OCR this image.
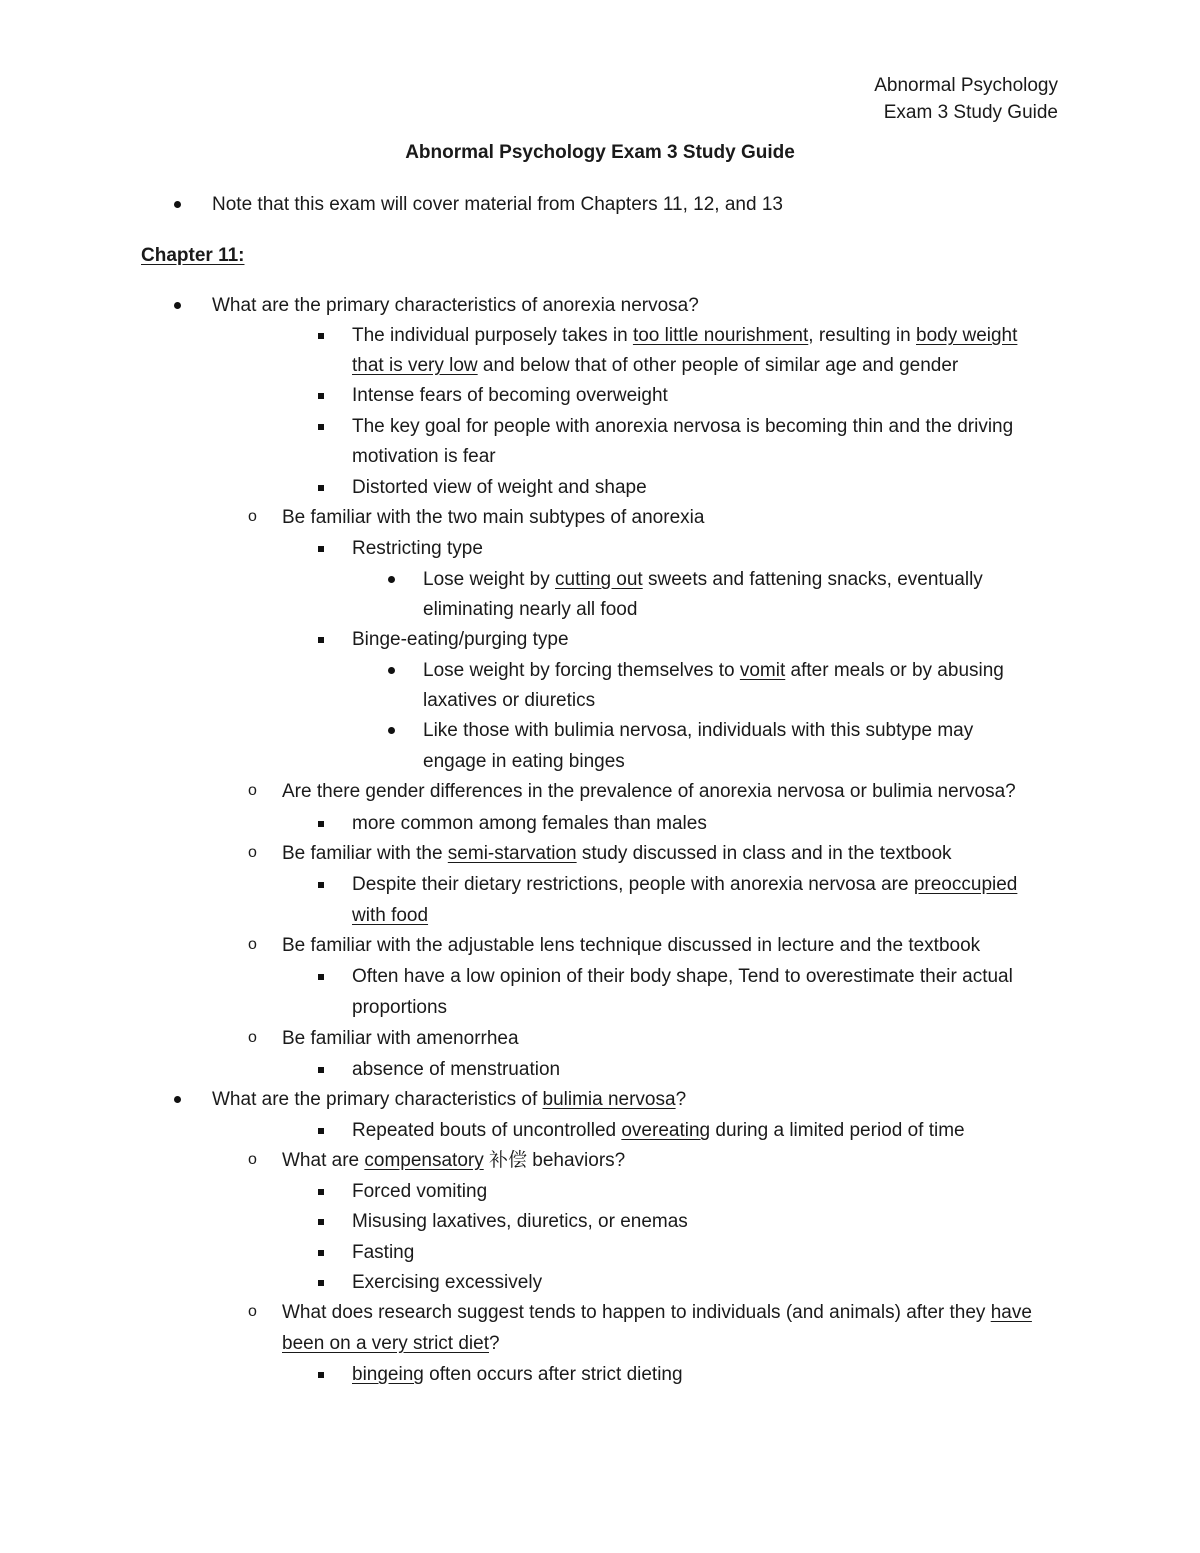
Abnormal Psychology
Exam 3 Study Guide
Abnormal Psychology Exam 3 Study Guide
Note that this exam will cover material from Chapters 11, 12, and 13
Chapter 11:
What are the primary characteristics of anorexia nervosa?
The individual purposely takes in too little nourishment, resulting in body weight
that is very low and below that of other people of similar age and gender
Intense fears of becoming overweight
The key goal for people with anorexia nervosa is becoming thin and the driving
motivation is fear
Distorted view of weight and shape
o Be familiar with the two main subtypes of anorexia
Restricting type
Lose weight by cutting out sweets and fattening snacks, eventually
eliminating nearly all food
Binge-eating/purging type
Lose weight by forcing themselves to vomit after meals or by abusing
laxatives or diuretics
Like those with bulimia nervosa, individuals with this subtype may
engage in eating binges
o Are there gender differences in the prevalence of anorexia nervosa or bulimia nervosa?
more common among females than males
o Be familiar with the semi-starvation study discussed in class and in the textbook
Despite their dietary restrictions, people with anorexia nervosa are preoccupied
with food
o Be familiar with the adjustable lens technique discussed in lecture and the textbook
Often have a low opinion of their body shape, Tend to overestimate their actual
proportions
o Be familiar with amenorrhea
absence of menstruation
What are the primary characteristics of bulimia nervosa?
Repeated bouts of uncontrolled overeating during a limited period of time
o What are compensatory 补偿 behaviors?
Forced vomiting
Misusing laxatives, diuretics, or enemas
Fasting
Exercising excessively
o What does research suggest tends to happen to individuals (and animals) after they have
been on a very strict diet?
bingeing often occurs after strict dieting
